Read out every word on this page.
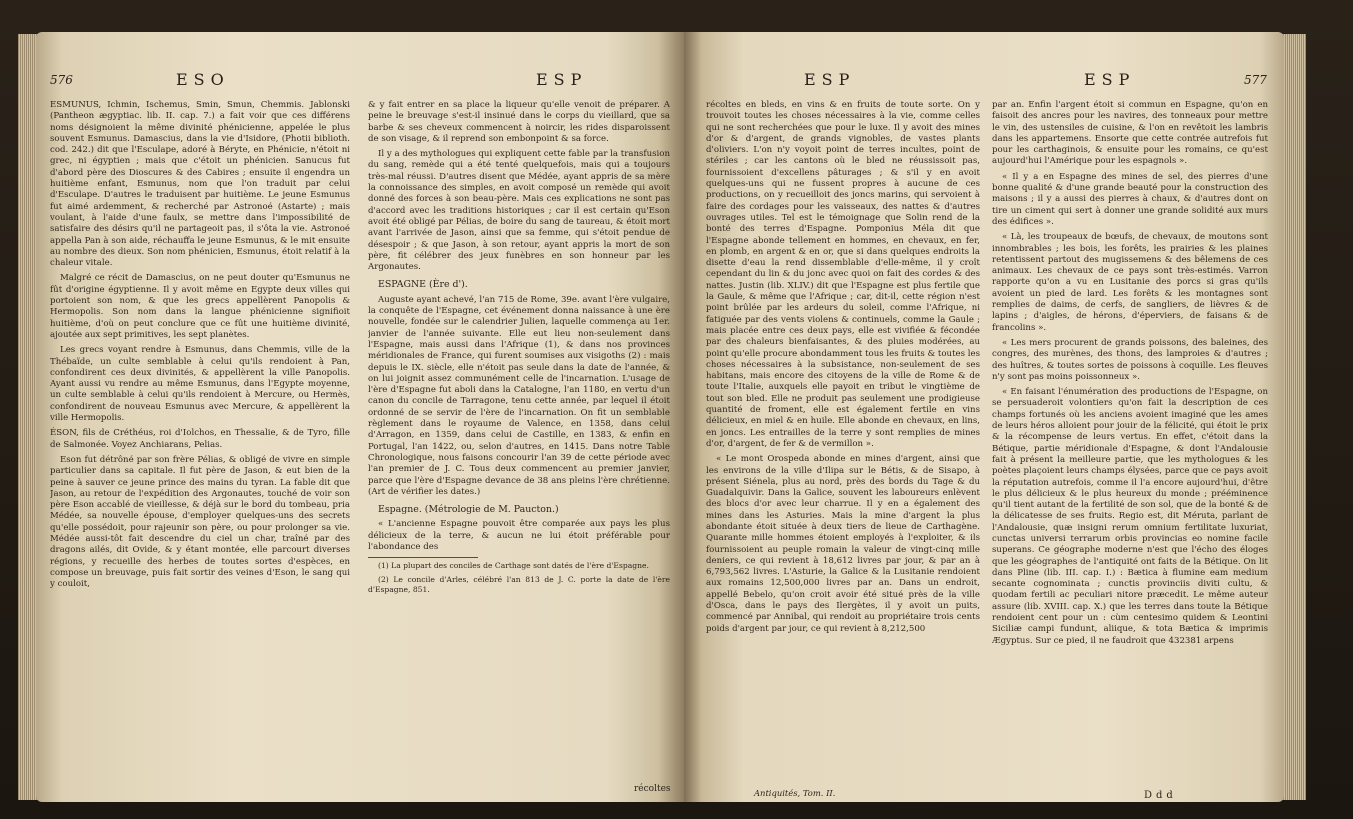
576	ESO	ESP

ESMUNUS, Ichmin, Ischemus, Smin, Smun, Chemmis. Jablonski (Pantheon ægyptiac. lib. II. cap. 7.) a fait voir que ces différens noms désignoient la même divinité phénicienne, appelée le plus souvent Esmunus. Damascius, dans la vie d'Isidore, (Photii biblioth. cod. 242.) dit que l'Esculape, adoré à Béryte, en Phénicie, n'étoit ni grec, ni égyptien ; mais que c'étoit un phénicien. Sanucus fut d'abord père des Dioscures & des Cabires ; ensuite il engendra un huitième enfant, Esmunus, nom que l'on traduit par celui d'Esculape. D'autres le traduisent par huitième. Le jeune Esmunus fut aimé ardemment, & recherché par Astronoé (Astarte) ; mais voulant, à l'aide d'une faulx, se mettre dans l'impossibilité de satisfaire des désirs qu'il ne partageoit pas, il s'ôta la vie. Astronoé appella Pan à son aide, réchauffa le jeune Esmunus, & le mit ensuite au nombre des dieux. Son nom phénicien, Esmunus, étoit relatif à la chaleur vitale.

Malgré ce récit de Damascius, on ne peut douter qu'Esmunus ne fût d'origine égyptienne. Il y avoit même en Egypte deux villes qui portoient son nom, & que les grecs appellèrent Panopolis & Hermopolis. Son nom dans la langue phénicienne signifioit huitième, d'où on peut conclure que ce fût une huitième divinité, ajoutée aux sept primitives, les sept planètes.

Les grecs voyant rendre à Esmunus, dans Chemmis, ville de la Thébaïde, un culte semblable à celui qu'ils rendoient à Pan, confondirent ces deux divinités, & appellèrent la ville Panopolis. Ayant aussi vu rendre au même Esmunus, dans l'Egypte moyenne, un culte semblable à celui qu'ils rendoient à Mercure, ou Hermès, confondirent de nouveau Esmunus avec Mercure, & appellèrent la ville Hermopolis.

ÉSON, fils de Créthéus, roi d'Iolchos, en Thessalie, & de Tyro, fille de Salmonée. Voyez Anchiarans, Pelias.

Eson fut détrôné par son frère Pélias, & obligé de vivre en simple particulier dans sa capitale. Il fut père de Jason, & eut bien de la peine à sauver ce jeune prince des mains du tyran. La fable dit que Jason, au retour de l'expédition des Argonautes, touché de voir son père Eson accablé de vieillesse, & déjà sur le bord du tombeau, pria Médée, sa nouvelle épouse, d'employer quelques-uns des secrets qu'elle possédoit, pour rajeunir son père, ou pour prolonger sa vie. Médée aussi-tôt fait descendre du ciel un char, traîné par des dragons ailés, dit Ovide, & y étant montée, elle parcourt diverses régions, y recueille des herbes de toutes sortes d'espèces, en compose un breuvage, puis fait sortir des veines d'Eson, le sang qui y couloit,

& y fait entrer en sa place la liqueur qu'elle venoit de préparer. A peine le breuvage s'est-il insinué dans le corps du vieillard, que sa barbe & ses cheveux commencent à noircir, les rides disparoissent de son visage, & il reprend son embonpoint & sa force.

Il y a des mythologues qui expliquent cette fable par la transfusion du sang, remède qui a été tenté quelquefois, mais qui a toujours très-mal réussi. D'autres disent que Médée, ayant appris de sa mère la connoissance des simples, en avoit composé un remède qui avoit donné des forces à son beau-père. Mais ces explications ne sont pas d'accord avec les traditions historiques ; car il est certain qu'Eson avoit été obligé par Pélias, de boire du sang de taureau, & étoit mort avant l'arrivée de Jason, ainsi que sa femme, qui s'étoit pendue de désespoir ; & que Jason, à son retour, ayant appris la mort de son père, fit célébrer des jeux funèbres en son honneur par les Argonautes.

ESPAGNE (Ère d').

Auguste ayant achevé, l'an 715 de Rome, 39e. avant l'ère vulgaire, la conquête de l'Espagne, cet événement donna naissance à une ère nouvelle, fondée sur le calendrier Julien, laquelle commença au 1er. janvier de l'année suivante. Elle eut lieu non-seulement dans l'Espagne, mais aussi dans l'Afrique (1), & dans nos provinces méridionales de France, qui furent soumises aux visigoths (2) : mais depuis le IX. siècle, elle n'étoit pas seule dans la date de l'année, & on lui joignit assez communément celle de l'incarnation. L'usage de l'ère d'Espagne fut aboli dans la Catalogne, l'an 1180, en vertu d'un canon du concile de Tarragone, tenu cette année, par lequel il étoit ordonné de se servir de l'ère de l'incarnation. On fit un semblable règlement dans le royaume de Valence, en 1358, dans celui d'Arragon, en 1359, dans celui de Castille, en 1383, & enfin en Portugal, l'an 1422, ou, selon d'autres, en 1415. Dans notre Table Chronologique, nous faisons concourir l'an 39 de cette période avec l'an premier de J. C. Tous deux commencent au premier janvier, parce que l'ère d'Espagne devance de 38 ans pleins l'ère chrétienne. (Art de vérifier les dates.)

Espagne. (Métrologie de M. Paucton.)

« L'ancienne Espagne pouvoit être comparée aux pays les plus délicieux de la terre, & aucun ne lui étoit préférable pour l'abondance des

(1) La plupart des conciles de Carthage sont datés de l'ère d'Espagne.

(2) Le concile d'Arles, célébré l'an 813 de J. C. porte la date de l'ère d'Espagne, 851.

récoltes
ESP	ESP	577

récoltes en bleds, en vins & en fruits de toute sorte. On y trouvoit toutes les choses nécessaires à la vie, comme celles qui ne sont recherchées que pour le luxe. Il y avoit des mines d'or & d'argent, de grands vignobles, de vastes plants d'oliviers. L'on n'y voyoit point de terres incultes, point de stériles ; car les cantons où le bled ne réussissoit pas, fournissoient d'excellens pâturages ; & s'il y en avoit quelques-uns qui ne fussent propres à aucune de ces productions, on y recueilloit des joncs marins, qui servoient à faire des cordages pour les vaisseaux, des nattes & d'autres ouvrages utiles. Tel est le témoignage que Solin rend de la bonté des terres d'Espagne. Pomponius Méla dit que l'Espagne abonde tellement en hommes, en chevaux, en fer, en plomb, en argent & en or, que si dans quelques endroits la disette d'eau la rend dissemblable d'elle-même, il y croît cependant du lin & du jonc avec quoi on fait des cordes & des nattes. Justin (lib. XLIV.) dit que l'Espagne est plus fertile que la Gaule, & même que l'Afrique ; car, dit-il, cette région n'est point brûlée par les ardeurs du soleil, comme l'Afrique, ni fatiguée par des vents violens & continuels, comme la Gaule ; mais placée entre ces deux pays, elle est vivifiée & fécondée par des chaleurs bienfaisantes, & des pluies modérées, au point qu'elle procure abondamment tous les fruits & toutes les choses nécessaires à la subsistance, non-seulement de ses habitans, mais encore des citoyens de la ville de Rome & de toute l'Italie, auxquels elle payoit en tribut le vingtième de tout son bled. Elle ne produit pas seulement une prodigieuse quantité de froment, elle est également fertile en vins délicieux, en miel & en huile. Elle abonde en chevaux, en lins, en joncs. Les entrailles de la terre y sont remplies de mines d'or, d'argent, de fer & de vermillon ».

« Le mont Orospeda abonde en mines d'argent, ainsi que les environs de la ville d'Ilipa sur le Bétis, & de Sisapo, à présent Siénela, plus au nord, près des bords du Tage & du Guadalquivir. Dans la Galice, souvent les laboureurs enlèvent des blocs d'or avec leur charrue. Il y en a également des mines dans les Asturies. Mais la mine d'argent la plus abondante étoit située à deux tiers de lieue de Carthagène. Quarante mille hommes étoient employés à l'exploiter, & ils fournissoient au peuple romain la valeur de vingt-cinq mille deniers, ce qui revient à 18,612 livres par jour, & par an à 6,793,562 livres. L'Asturie, la Galice & la Lusitanie rendoient aux romains 12,500,000 livres par an. Dans un endroit, appellé Bebelo, qu'on croit avoir été situé près de la ville d'Osca, dans le pays des Ilergètes, il y avoit un puits, commencé par Annibal, qui rendoit au propriétaire trois cents poids d'argent par jour, ce qui revient à 8,212,500

par an. Enfin l'argent étoit si commun en Espagne, qu'on en faisoit des ancres pour les navires, des tonneaux pour mettre le vin, des ustensiles de cuisine, & l'on en revêtoit les lambris dans les appartemens. Ensorte que cette contrée autrefois fut pour les carthaginois, & ensuite pour les romains, ce qu'est aujourd'hui l'Amérique pour les espagnols ».

« Il y a en Espagne des mines de sel, des pierres d'une bonne qualité & d'une grande beauté pour la construction des maisons ; il y a aussi des pierres à chaux, & d'autres dont on tire un ciment qui sert à donner une grande solidité aux murs des édifices ».

« Là, les troupeaux de bœufs, de chevaux, de moutons sont innombrables ; les bois, les forêts, les prairies & les plaines retentissent partout des mugissemens & des bêlemens de ces animaux. Les chevaux de ce pays sont très-estimés. Varron rapporte qu'on a vu en Lusitanie des porcs si gras qu'ils avoient un pied de lard. Les forêts & les montagnes sont remplies de daims, de cerfs, de sangliers, de lièvres & de lapins ; d'aigles, de hérons, d'éperviers, de faisans & de francolins ».

« Les mers procurent de grands poissons, des baleines, des congres, des murènes, des thons, des lamproies & d'autres ; des huîtres, & toutes sortes de poissons à coquille. Les fleuves n'y sont pas moins poissonneux ».

« En faisant l'énumération des productions de l'Espagne, on se persuaderoit volontiers qu'on fait la description de ces champs fortunés où les anciens avoient imaginé que les ames de leurs héros alloient pour jouir de la félicité, qui étoit le prix & la récompense de leurs vertus. En effet, c'étoit dans la Bétique, partie méridionale d'Espagne, & dont l'Andalousie fait à présent la meilleure partie, que les mythologues & les poètes plaçoient leurs champs élysées, parce que ce pays avoit la réputation autrefois, comme il l'a encore aujourd'hui, d'être le plus délicieux & le plus heureux du monde ; prééminence qu'il tient autant de la fertilité de son sol, que de la bonté & de la délicatesse de ses fruits. Regio est, dit Méruta, parlant de l'Andalousie, quæ insigni rerum omnium fertilitate luxuriat, cunctas universi terrarum orbis provincias eo nomine facile superans. Ce géographe moderne n'est que l'écho des éloges que les géographes de l'antiquité ont faits de la Bétique. On lit dans Pline (lib. III. cap. I.) : Bætica à flumine eam medium secante cognominata ; cunctis provinciis diviti cultu, & quodam fertili ac peculiari nitore præcedit. Le même auteur assure (lib. XVIII. cap. X.) que les terres dans toute la Bétique rendoient cent pour un : cùm centesimo quidem & Leontini Siciliæ campi fundunt, aliique, & tota Bætica & imprimis Ægyptus. Sur ce pied, il ne faudroit que 432381 arpens

Antiquités, Tom. II.	Ddd
